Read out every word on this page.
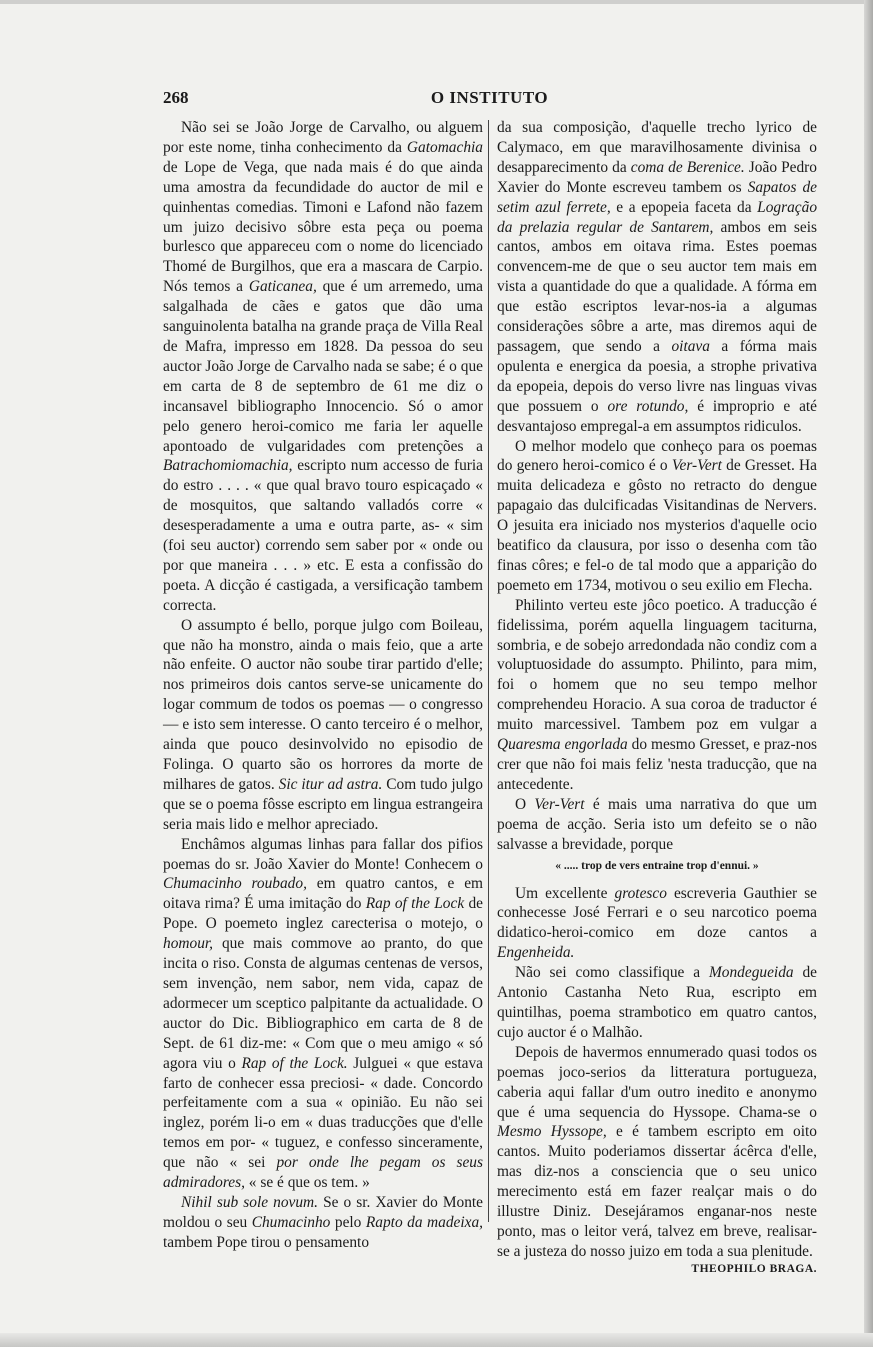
268	O INSTITUTO

Não sei se João Jorge de Carvalho, ou alguem por este nome, tinha conhecimento da Gatomachia de Lope de Vega, que nada mais é do que ainda uma amostra da fecundidade do auctor de mil e quinhentas comedias. Timoni e Lafond não fazem um juizo decisivo sôbre esta peça ou poema burlesco que appareceu com o nome do licenciado Thomé de Burgilhos, que era a mascara de Carpio. Nós temos a Gaticanea, que é um arremedo, uma salgalhada de cães e gatos que dão uma sanguinolenta batalha na grande praça de Villa Real de Mafra, impresso em 1828. Da pessoa do seu auctor João Jorge de Carvalho nada se sabe; é o que em carta de 8 de septembro de 61 me diz o incansavel bibliographo Innocencio. Só o amor pelo genero heroi-comico me faria ler aquelle apontoado de vulgaridades com pretenções a Batrachomiomachia, escripto num accesso de furia do estro . . . . « que qual bravo touro espicaçado « de mosquitos, que saltando valladós corre « desesperadamente a uma e outra parte, as- « sim (foi seu auctor) correndo sem saber por « onde ou por que maneira . . . » etc. E esta a confissão do poeta. A dicção é castigada, a versificação tambem correcta.

O assumpto é bello, porque julgo com Boileau, que não ha monstro, ainda o mais feio, que a arte não enfeite. O auctor não soube tirar partido d'elle; nos primeiros dois cantos serve-se unicamente do logar commum de todos os poemas — o congresso — e isto sem interesse. O canto terceiro é o melhor, ainda que pouco desinvolvido no episodio de Folinga. O quarto são os horrores da morte de milhares de gatos. Sic itur ad astra. Com tudo julgo que se o poema fôsse escripto em lingua estrangeira seria mais lido e melhor apreciado.

Enchâmos algumas linhas para fallar dos pifios poemas do sr. João Xavier do Monte! Conhecem o Chumacinho roubado, em quatro cantos, e em oitava rima? É uma imitação do Rap of the Lock de Pope. O poemeto inglez carecterisa o motejo, o homour, que mais commove ao pranto, do que incita o riso. Consta de algumas centenas de versos, sem invenção, nem sabor, nem vida, capaz de adormecer um sceptico palpitante da actualidade. O auctor do Dic. Bibliographico em carta de 8 de Sept. de 61 diz-me: « Com que o meu amigo « só agora viu o Rap of the Lock. Julguei « que estava farto de conhecer essa preciosi- « dade. Concordo perfeitamente com a sua « opinião. Eu não sei inglez, porém li-o em « duas traducções que d'elle temos em por- « tuguez, e confesso sinceramente, que não « sei por onde lhe pegam os seus admiradores, « se é que os tem. »

Nihil sub sole novum. Se o sr. Xavier do Monte moldou o seu Chumacinho pelo Rapto da madeixa, tambem Pope tirou o pensamento

da sua composição, d'aquelle trecho lyrico de Calymaco, em que maravilhosamente divinisa o desapparecimento da coma de Berenice. João Pedro Xavier do Monte escreveu tambem os Sapatos de setim azul ferrete, e a epopeia faceta da Logração da prelazia regular de Santarem, ambos em seis cantos, ambos em oitava rima. Estes poemas convencem-me de que o seu auctor tem mais em vista a quantidade do que a qualidade. A fórma em que estão escriptos levar-nos-ia a algumas considerações sôbre a arte, mas diremos aqui de passagem, que sendo a oitava a fórma mais opulenta e energica da poesia, a strophe privativa da epopeia, depois do verso livre nas linguas vivas que possuem o ore rotundo, é improprio e até desvantajoso empregal-a em assumptos ridiculos.

O melhor modelo que conheço para os poemas do genero heroi-comico é o Ver-Vert de Gresset. Ha muita delicadeza e gôsto no retracto do dengue papagaio das dulcificadas Visitandinas de Nervers. O jesuita era iniciado nos mysterios d'aquelle ocio beatifico da clausura, por isso o desenha com tão finas côres; e fel-o de tal modo que a apparição do poemeto em 1734, motivou o seu exilio em Flecha.

Philinto verteu este jôco poetico. A traducção é fidelissima, porém aquella linguagem taciturna, sombria, e de sobejo arredondada não condiz com a voluptuosidade do assumpto. Philinto, para mim, foi o homem que no seu tempo melhor comprehendeu Horacio. A sua coroa de traductor é muito marcessivel. Tambem poz em vulgar a Quaresma engorlada do mesmo Gresset, e praz-nos crer que não foi mais feliz 'nesta traducção, que na antecedente.

O Ver-Vert é mais uma narrativa do que um poema de acção. Seria isto um defeito se o não salvasse a brevidade, porque

« ..... trop de vers entraine trop d'ennui. »

Um excellente grotesco escreveria Gauthier se conhecesse José Ferrari e o seu narcotico poema didatico-heroi-comico em doze cantos a Engenheida.

Não sei como classifique a Mondegueida de Antonio Castanha Neto Rua, escripto em quintilhas, poema strambotico em quatro cantos, cujo auctor é o Malhão.

Depois de havermos ennumerado quasi todos os poemas joco-serios da litteratura portugueza, caberia aqui fallar d'um outro inedito e anonymo que é uma sequencia do Hyssope. Chama-se o Mesmo Hyssope, e é tambem escripto em oito cantos. Muito poderiamos dissertar ácêrca d'elle, mas diz-nos a consciencia que o seu unico merecimento está em fazer realçar mais o do illustre Diniz. Desejáramos enganar-nos neste ponto, mas o leitor verá, talvez em breve, realisar-se a justeza do nosso juizo em toda a sua plenitude.

THEOPHILO BRAGA.
